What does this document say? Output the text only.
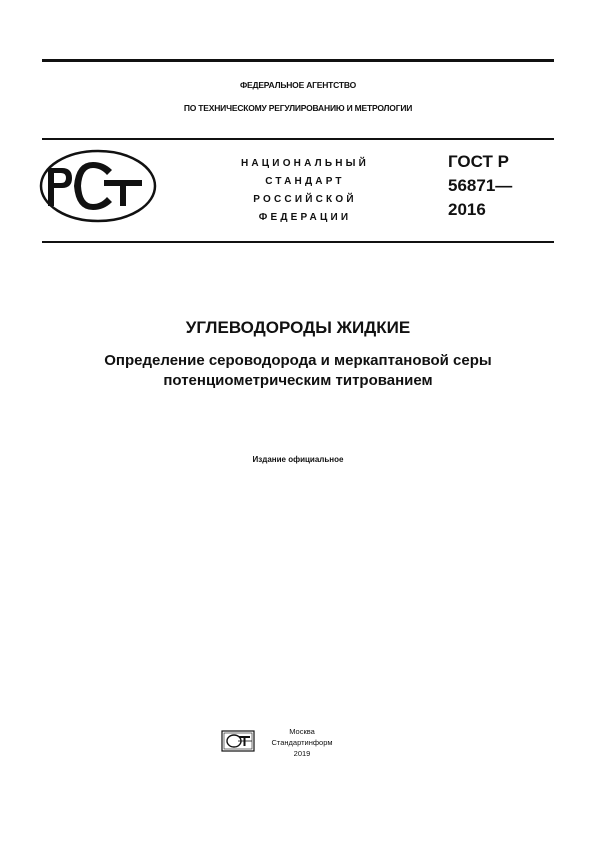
ФЕДЕРАЛЬНОЕ АГЕНТСТВО
ПО ТЕХНИЧЕСКОМУ РЕГУЛИРОВАНИЮ И МЕТРОЛОГИИ
НАЦИОНАЛЬНЫЙ
СТАНДАРТ
РОССИЙСКОЙ
ФЕДЕРАЦИИ
ГОСТ Р
56871—
2016
УГЛЕВОДОРОДЫ ЖИДКИЕ
Определение сероводорода и меркаптановой серы
потенциометрическим титрованием
Издание официальное
Москва
Стандартинформ
2019
